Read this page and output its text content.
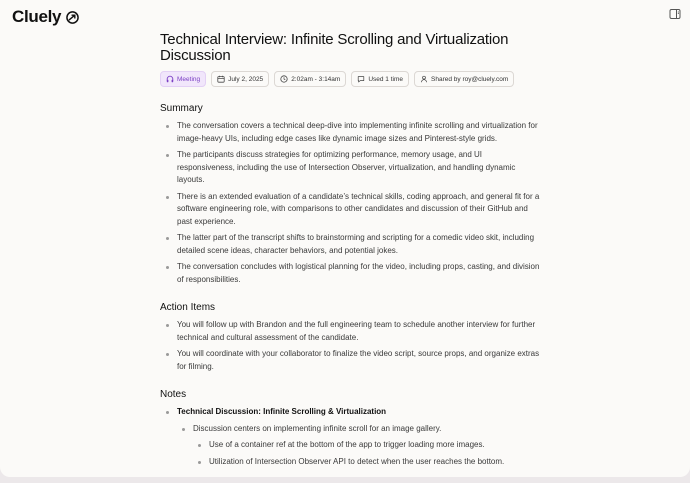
Cluely
Technical Interview: Infinite Scrolling and Virtualization Discussion
Meeting	July 2, 2025	2:02am - 3:14am	Used 1 time	Shared by roy@cluely.com
Summary
The conversation covers a technical deep-dive into implementing infinite scrolling and virtualization for image-heavy UIs, including edge cases like dynamic image sizes and Pinterest-style grids.
The participants discuss strategies for optimizing performance, memory usage, and UI responsiveness, including the use of Intersection Observer, virtualization, and handling dynamic layouts.
There is an extended evaluation of a candidate’s technical skills, coding approach, and general fit for a software engineering role, with comparisons to other candidates and discussion of their GitHub and past experience.
The latter part of the transcript shifts to brainstorming and scripting for a comedic video skit, including detailed scene ideas, character behaviors, and potential jokes.
The conversation concludes with logistical planning for the video, including props, casting, and division of responsibilities.
Action Items
You will follow up with Brandon and the full engineering team to schedule another interview for further technical and cultural assessment of the candidate.
You will coordinate with your collaborator to finalize the video script, source props, and organize extras for filming.
Notes
Technical Discussion: Infinite Scrolling & Virtualization
Discussion centers on implementing infinite scroll for an image gallery.
Use of a container ref at the bottom of the app to trigger loading more images.
Utilization of Intersection Observer API to detect when the user reaches the bottom.
